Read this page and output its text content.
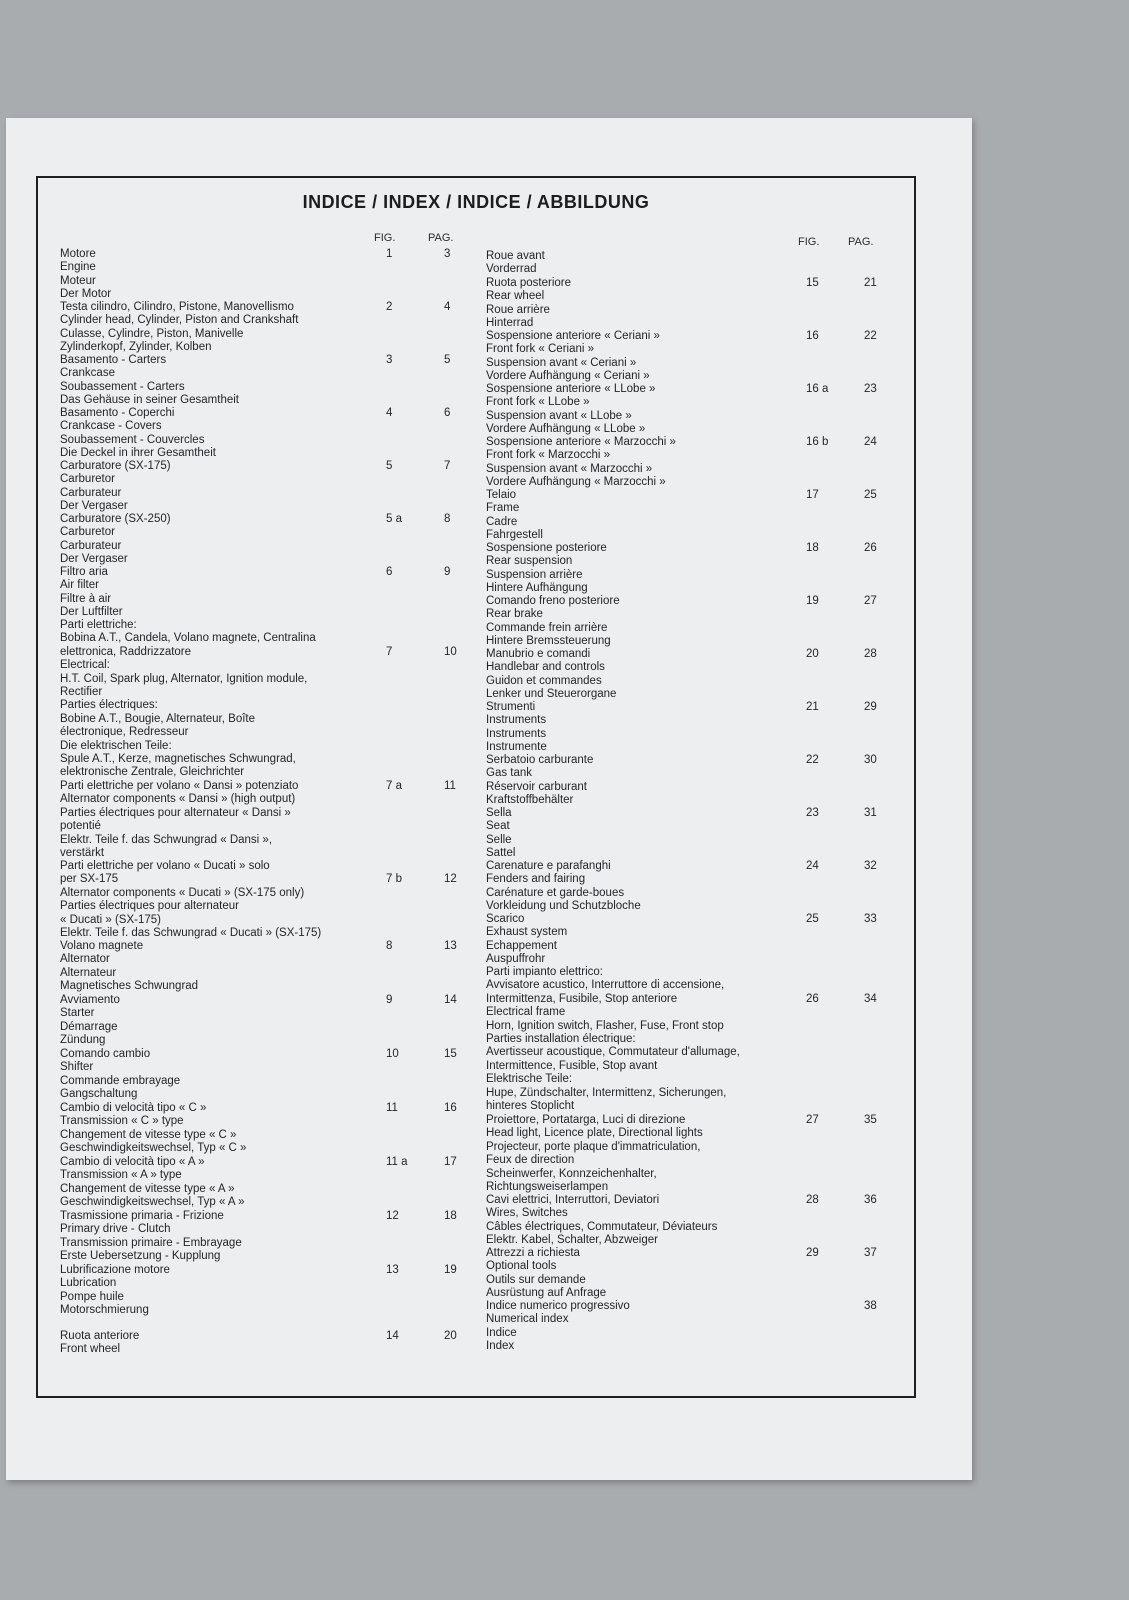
INDICE / INDEX / INDICE / ABBILDUNG
FIG.	PAG.
Motore
Engine
Moteur
Der Motor
1	3
Testa cilindro, Cilindro, Pistone, Manovellismo
Cylinder head, Cylinder, Piston and Crankshaft
Culasse, Cylindre, Piston, Manivelle
Zylinderkopf, Zylinder, Kolben
2	4
Basamento - Carters
Crankcase
Soubassement - Carters
Das Gehäuse in seiner Gesamtheit
3	5
Basamento - Coperchi
Crankcase - Covers
Soubassement - Couvercles
Die Deckel in ihrer Gesamtheit
4	6
Carburatore (SX-175)
Carburetor
Carburateur
Der Vergaser
5	7
Carburatore (SX-250)
Carburetor
Carburateur
Der Vergaser
5 a	8
Filtro aria
Air filter
Filtre à air
Der Luftfilter
6	9
Parti elettriche:
Bobina A.T., Candela, Volano magnete, Centralina
elettronica, Raddrizzatore
Electrical:
H.T. Coil, Spark plug, Alternator, Ignition module,
Rectifier
Parties électriques:
Bobine A.T., Bougie, Alternateur, Boîte
électronique, Redresseur
Die elektrischen Teile:
Spule A.T., Kerze, magnetisches Schwungrad,
elektronische Zentrale, Gleichrichter
7	10
Parti elettriche per volano « Dansi » potenziato
Alternator components « Dansi » (high output)
Parties électriques pour alternateur « Dansi »
potentié
Elektr. Teile f. das Schwungrad « Dansi »,
verstärkt
7 a	11
Parti elettriche per volano « Ducati » solo
per SX-175
Alternator components « Ducati » (SX-175 only)
Parties électriques pour alternateur
« Ducati » (SX-175)
Elektr. Teile f. das Schwungrad « Ducati » (SX-175)
7 b	12
Volano magnete
Alternator
Alternateur
Magnetisches Schwungrad
8	13
Avviamento
Starter
Démarrage
Zündung
9	14
Comando cambio
Shifter
Commande embrayage
Gangschaltung
10	15
Cambio di velocità tipo « C »
Transmission « C » type
Changement de vitesse type « C »
Geschwindigkeitswechsel, Typ « C »
11	16
Cambio di velocità tipo « A »
Transmission « A » type
Changement de vitesse type « A »
Geschwindigkeitswechsel, Typ « A »
11 a	17
Trasmissione primaria - Frizione
Primary drive - Clutch
Transmission primaire - Embrayage
Erste Uebersetzung - Kupplung
12	18
Lubrificazione motore
Lubrication
Pompe huile
Motorschmierung
13	19
Ruota anteriore
Front wheel
14	20
FIG.	PAG.
Roue avant
Vorderrad
Ruota posteriore
Rear wheel
Roue arrière
Hinterrad
15	21
Sospensione anteriore « Ceriani »
Front fork « Ceriani »
Suspension avant « Ceriani »
Vordere Aufhängung « Ceriani »
16	22
Sospensione anteriore « LLobe »
Front fork « LLobe »
Suspension avant « LLobe »
Vordere Aufhängung « LLobe »
16 a	23
Sospensione anteriore « Marzocchi »
Front fork « Marzocchi »
Suspension avant « Marzocchi »
Vordere Aufhängung « Marzocchi »
16 b	24
Telaio
Frame
Cadre
Fahrgestell
17	25
Sospensione posteriore
Rear suspension
Suspension arrière
Hintere Aufhängung
18	26
Comando freno posteriore
Rear brake
Commande frein arrière
Hintere Bremssteuerung
19	27
Manubrio e comandi
Handlebar and controls
Guidon et commandes
Lenker und Steuerorgane
20	28
Strumenti
Instruments
Instruments
Instrumente
21	29
Serbatoio carburante
Gas tank
Réservoir carburant
Kraftstoffbehälter
22	30
Sella
Seat
Selle
Sattel
23	31
Carenature e parafanghi
Fenders and fairing
Carénature et garde-boues
Vorkleidung und Schutzbloche
24	32
Scarico
Exhaust system
Echappement
Auspuffrohr
25	33
Parti impianto elettrico:
Avvisatore acustico, Interruttore di accensione,
Intermittenza, Fusibile, Stop anteriore
Electrical frame
Horn, Ignition switch, Flasher, Fuse, Front stop
Parties installation électrique:
Avertisseur acoustique, Commutateur d'allumage,
Intermittence, Fusible, Stop avant
Elektrische Teile:
Hupe, Zündschalter, Intermittenz, Sicherungen,
hinteres Stoplicht
26	34
Proiettore, Portatarga, Luci di direzione
Head light, Licence plate, Directional lights
Projecteur, porte plaque d'immatriculation,
Feux de direction
Scheinwerfer, Konnzeichenhalter,
Richtungsweiserlampen
27	35
Cavi elettrici, Interruttori, Deviatori
Wires, Switches
Câbles électriques, Commutateur, Déviateurs
Elektr. Kabel, Schalter, Abzweiger
28	36
Attrezzi a richiesta
Optional tools
Outils sur demande
Ausrüstung auf Anfrage
29	37
Indice numerico progressivo
Numerical index
Indice
Index
38
